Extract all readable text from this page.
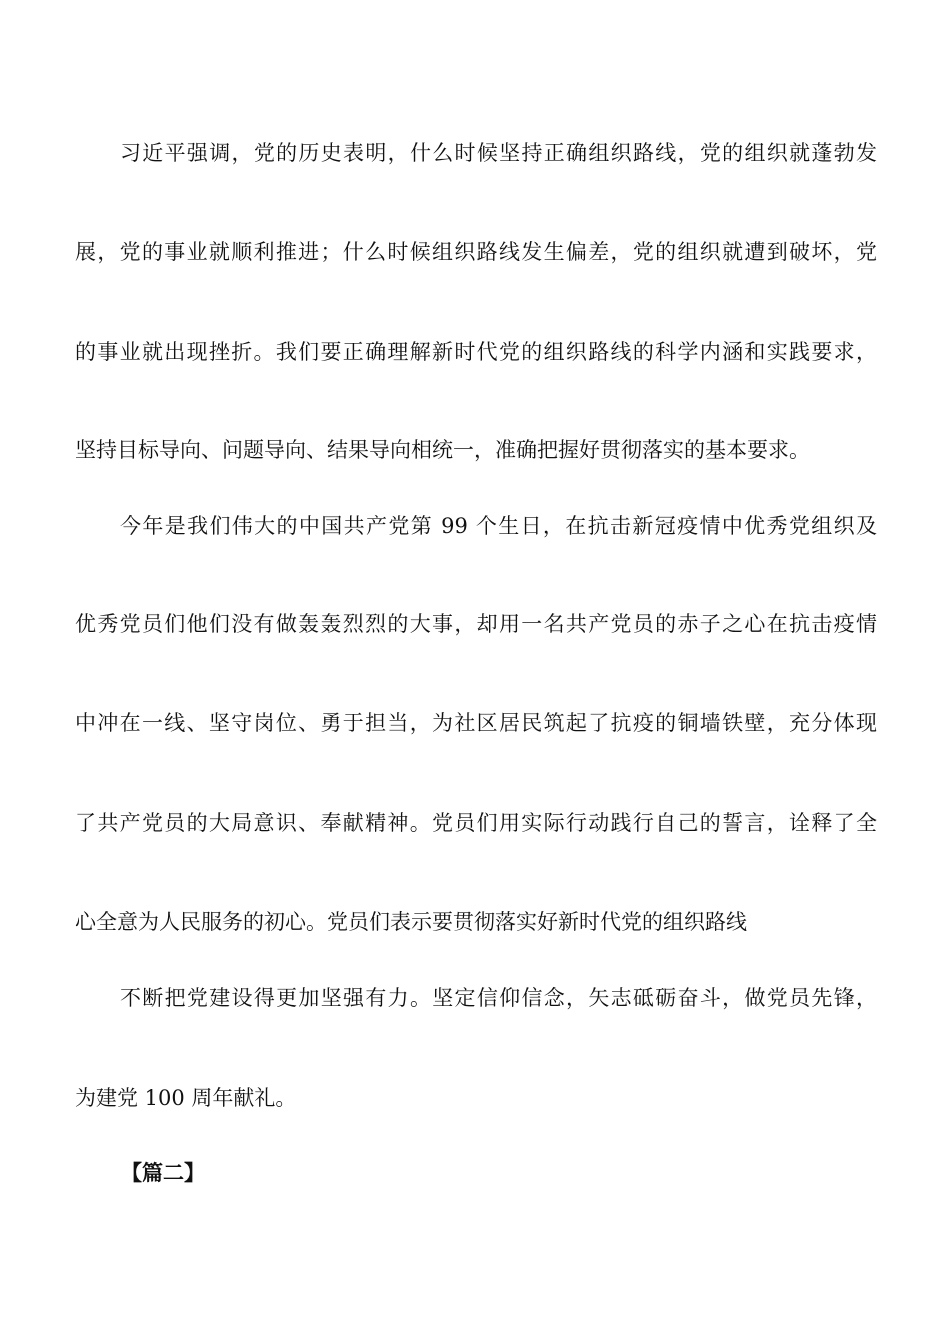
习近平强调，党的历史表明，什么时候坚持正确组织路线，党的组织就蓬勃发
展，党的事业就顺利推进；什么时候组织路线发生偏差，党的组织就遭到破坏，党
的事业就出现挫折。我们要正确理解新时代党的组织路线的科学内涵和实践要求，
坚持目标导向、问题导向、结果导向相统一，准确把握好贯彻落实的基本要求。
今年是我们伟大的中国共产党第 99 个生日，在抗击新冠疫情中优秀党组织及
优秀党员们他们没有做轰轰烈烈的大事，却用一名共产党员的赤子之心在抗击疫情
中冲在一线、坚守岗位、勇于担当，为社区居民筑起了抗疫的铜墙铁壁，充分体现
了共产党员的大局意识、奉献精神。党员们用实际行动践行自己的誓言，诠释了全
心全意为人民服务的初心。党员们表示要贯彻落实好新时代党的组织路线
不断把党建设得更加坚强有力。坚定信仰信念，矢志砥砺奋斗，做党员先锋，
为建党 100 周年献礼。
【篇二】
